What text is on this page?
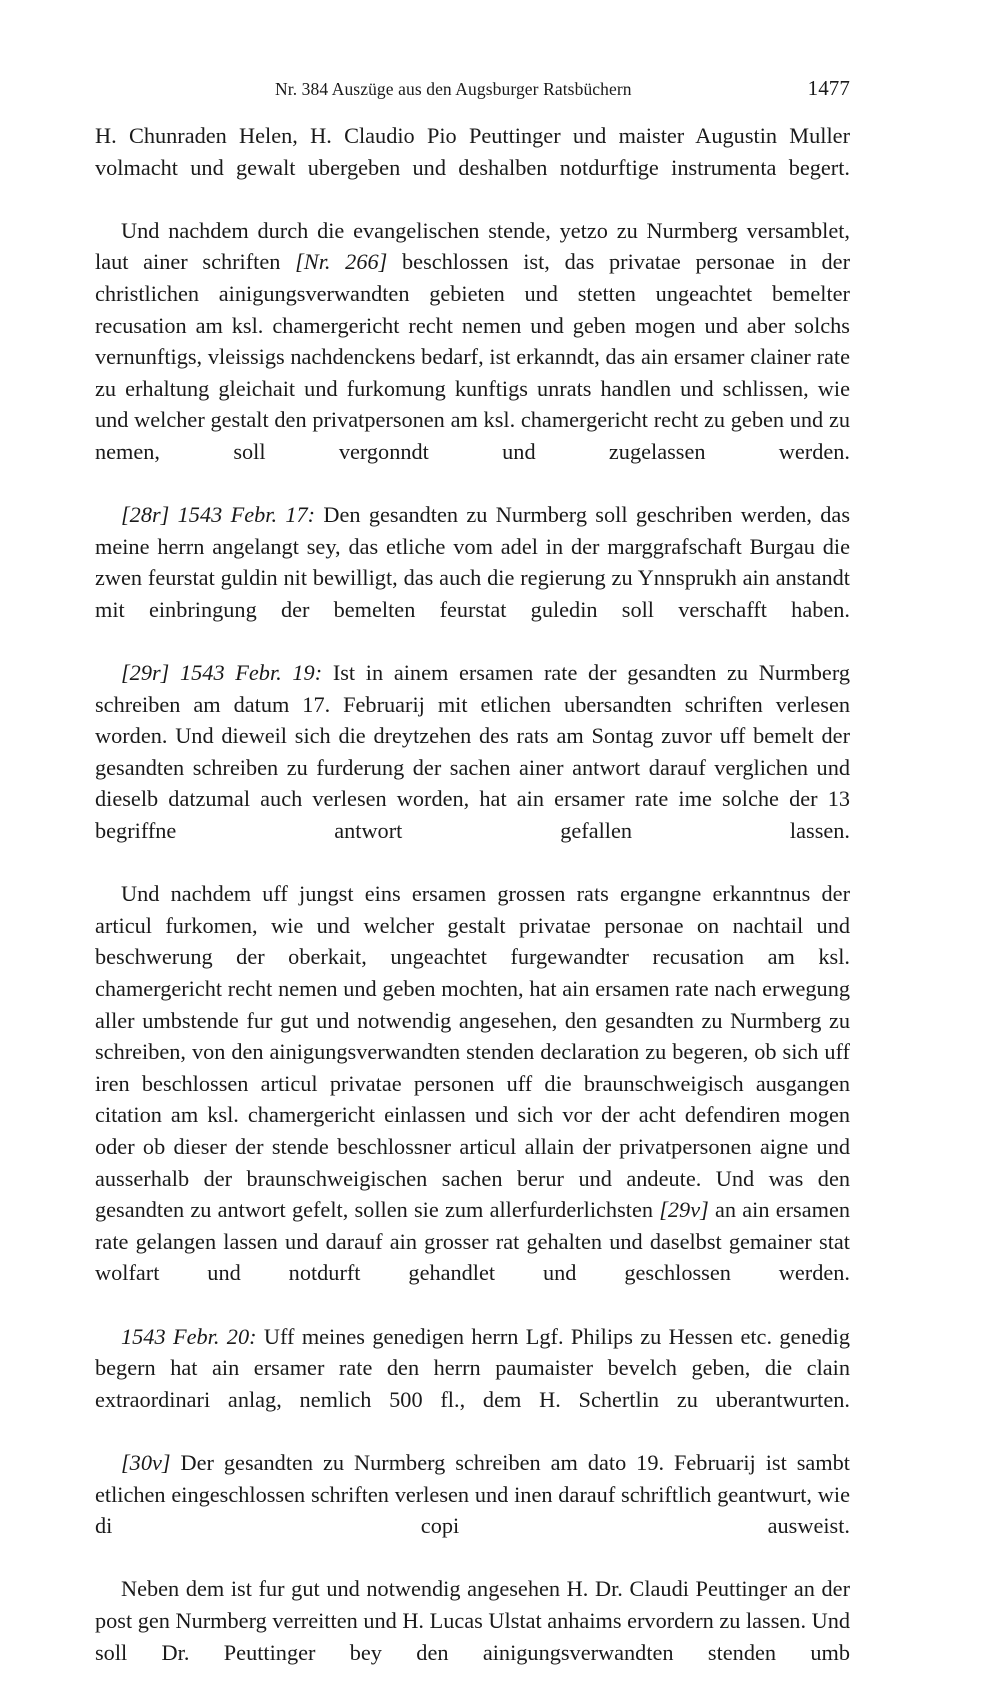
Nr. 384 Auszüge aus den Augsburger Ratsbüchern	1477

H. Chunraden Helen, H. Claudio Pio Peuttinger und maister Augustin Muller volmacht und gewalt ubergeben und deshalben notdurftige instrumenta begert.

Und nachdem durch die evangelischen stende, yetzo zu Nurmberg versamblet, laut ainer schriften [Nr. 266] beschlossen ist, das privatae personae in der christlichen ainigungsverwandten gebieten und stetten ungeachtet bemelter recusation am ksl. chamergericht recht nemen und geben mogen und aber solchs vernunftigs, vleissigs nachdenckens bedarf, ist erkanndt, das ain ersamer clainer rate zu erhaltung gleichait und furkomung kunftigs unrats handlen und schlissen, wie und welcher gestalt den privatpersonen am ksl. chamergericht recht zu geben und zu nemen, soll vergonndt und zugelassen werden.

[28r] 1543 Febr. 17: Den gesandten zu Nurmberg soll geschriben werden, das meine herrn angelangt sey, das etliche vom adel in der marggrafschaft Burgau die zwen feurstat guldin nit bewilligt, das auch die regierung zu Ynnsprukh ain anstandt mit einbringung der bemelten feurstat guledin soll verschafft haben.

[29r] 1543 Febr. 19: Ist in ainem ersamen rate der gesandten zu Nurmberg schreiben am datum 17. Februarij mit etlichen ubersandten schriften verlesen worden. Und dieweil sich die dreytzehen des rats am Sontag zuvor uff bemelt der gesandten schreiben zu furderung der sachen ainer antwort darauf verglichen und dieselb datzumal auch verlesen worden, hat ain ersamer rate ime solche der 13 begriffne antwort gefallen lassen.

Und nachdem uff jungst eins ersamen grossen rats ergangne erkanntnus der articul furkomen, wie und welcher gestalt privatae personae on nachtail und beschwerung der oberkait, ungeachtet furgewandter recusation am ksl. chamergericht recht nemen und geben mochten, hat ain ersamen rate nach erwegung aller umbstende fur gut und notwendig angesehen, den gesandten zu Nurmberg zu schreiben, von den ainigungsverwandten stenden declaration zu begeren, ob sich uff iren beschlossen articul privatae personen uff die braunschweigisch ausgangen citation am ksl. chamergericht einlassen und sich vor der acht defendiren mogen oder ob dieser der stende beschlossner articul allain der privatpersonen aigne und ausserhalb der braunschweigischen sachen berur und andeute. Und was den gesandten zu antwort gefelt, sollen sie zum allerfurderlichsten [29v] an ain ersamen rate gelangen lassen und darauf ain grosser rat gehalten und daselbst gemainer stat wolfart und notdurft gehandlet und geschlossen werden.

1543 Febr. 20: Uff meines genedigen herrn Lgf. Philips zu Hessen etc. genedig begern hat ain ersamer rate den herrn paumaister bevelch geben, die clain extraordinari anlag, nemlich 500 fl., dem H. Schertlin zu uberantwurten.

[30v] Der gesandten zu Nurmberg schreiben am dato 19. Februarij ist sambt etlichen eingeschlossen schriften verlesen und inen darauf schriftlich geantwurt, wie di copi ausweist.

Neben dem ist fur gut und notwendig angesehen H. Dr. Claudi Peuttinger an der post gen Nurmberg verreitten und H. Lucas Ulstat anhaims ervordern zu lassen. Und soll Dr. Peuttinger bey den ainigungsverwandten stenden umb
